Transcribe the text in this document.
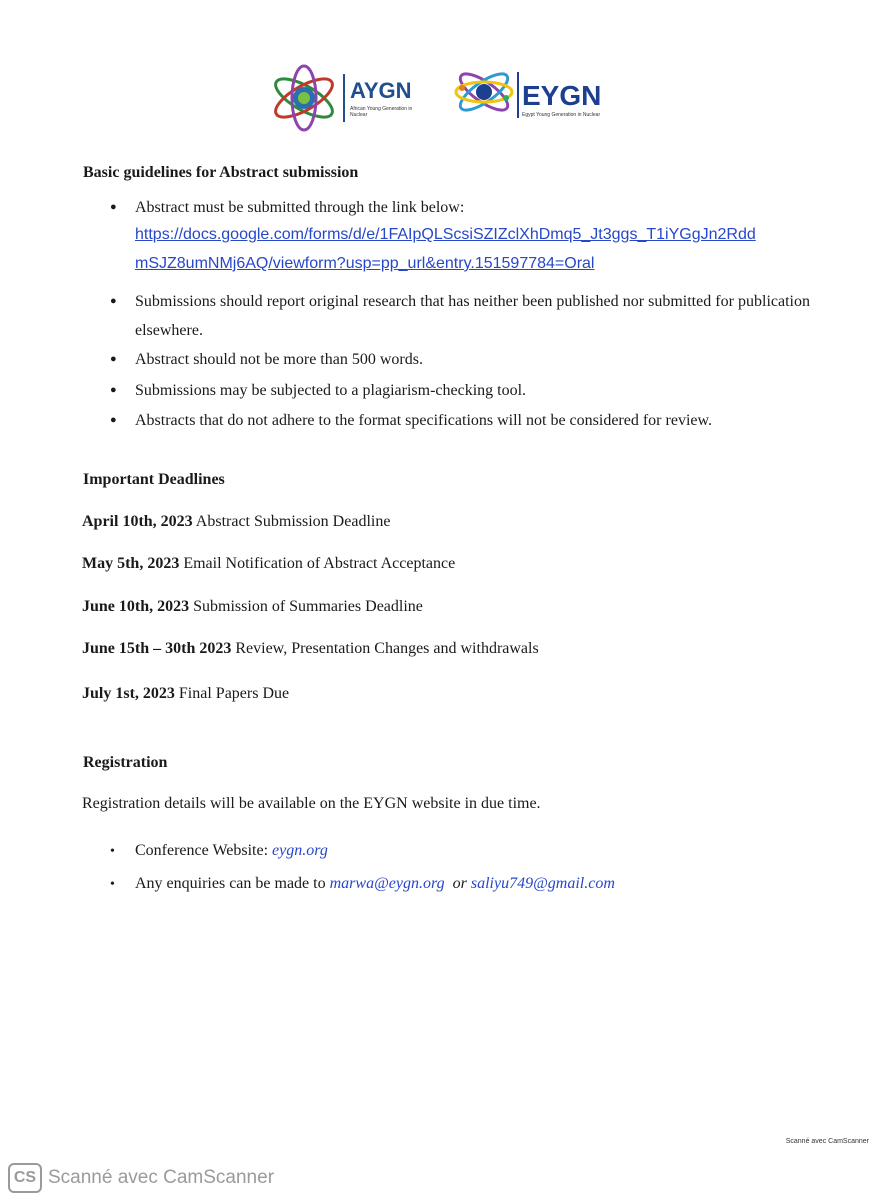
AYGN
African Young Generation in Nuclear
EYGN
Egypt Young Generation in Nuclear
Basic guidelines for Abstract submission
●
Abstract must be submitted through the link below:
https://docs.google.com/forms/d/e/1FAIpQLScsiSZIZclXhDmq5_Jt3ggs_T1iYGgJn2Rdd
mSJZ8umNMj6AQ/viewform?usp=pp_url&entry.151597784=Oral
●
Submissions should report original research that has neither been published nor submitted for publication elsewhere.
●
Abstract should not be more than 500 words.
●
Submissions may be subjected to a plagiarism-checking tool.
●
Abstracts that do not adhere to the format specifications will not be considered for review.
Important Deadlines
April 10th, 2023 Abstract Submission Deadline
May 5th, 2023 Email Notification of Abstract Acceptance
June 10th, 2023 Submission of Summaries Deadline
June 15th – 30th 2023 Review, Presentation Changes and withdrawals
July 1st, 2023 Final Papers Due
Registration
Registration details will be available on the EYGN website in due time.
•
Conference Website: eygn.org
•
Any enquiries can be made to marwa@eygn.org  or saliyu749@gmail.com
Scanné avec CamScanner
CS Scanné avec CamScanner
